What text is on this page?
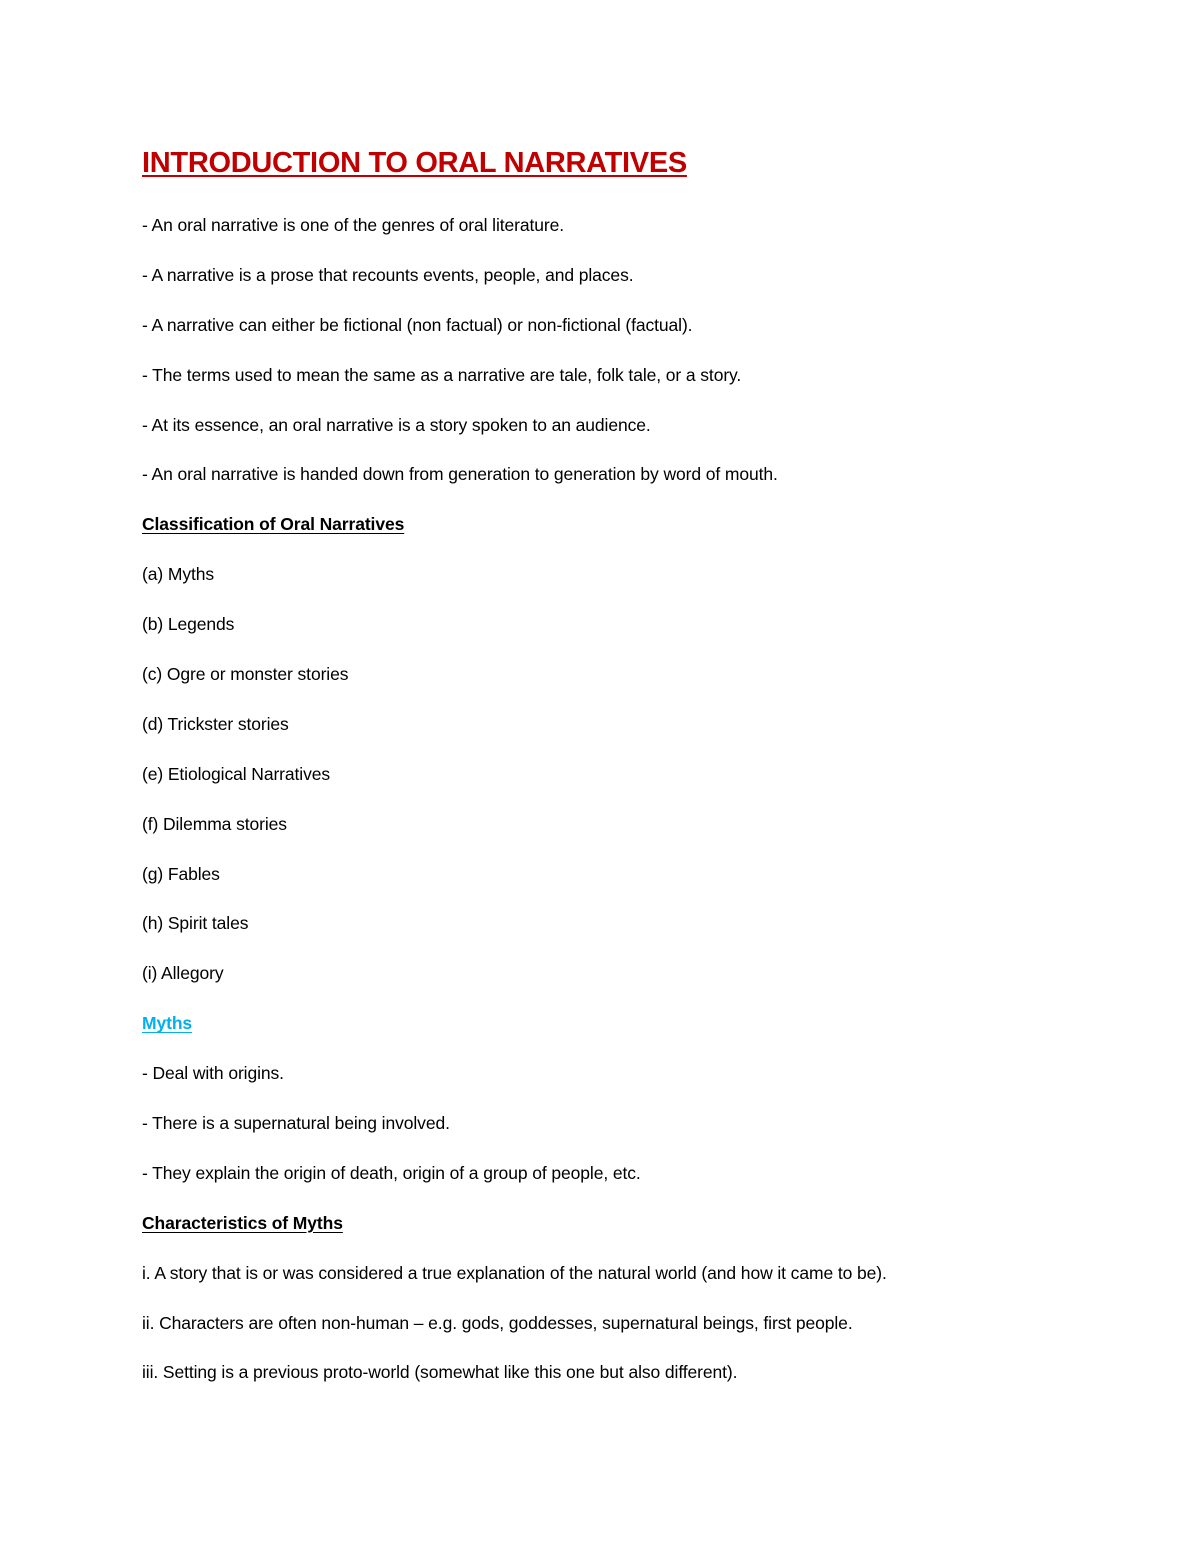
INTRODUCTION TO ORAL NARRATIVES
- An oral narrative is one of the genres of oral literature.
- A narrative is a prose that recounts events, people, and places.
- A narrative can either be fictional (non factual) or non-fictional (factual).
- The terms used to mean the same as a narrative are tale, folk tale, or a story.
- At its essence, an oral narrative is a story spoken to an audience.
- An oral narrative is handed down from generation to generation by word of mouth.
Classification of Oral Narratives
(a) Myths
(b) Legends
(c) Ogre or monster stories
(d) Trickster stories
(e) Etiological Narratives
(f) Dilemma stories
(g) Fables
(h) Spirit tales
(i) Allegory
Myths
- Deal with origins.
- There is a supernatural being involved.
- They explain the origin of death, origin of a group of people, etc.
Characteristics of Myths
i. A story that is or was considered a true explanation of the natural world (and how it came to be).
ii. Characters are often non-human – e.g. gods, goddesses, supernatural beings, first people.
iii. Setting is a previous proto-world (somewhat like this one but also different).
